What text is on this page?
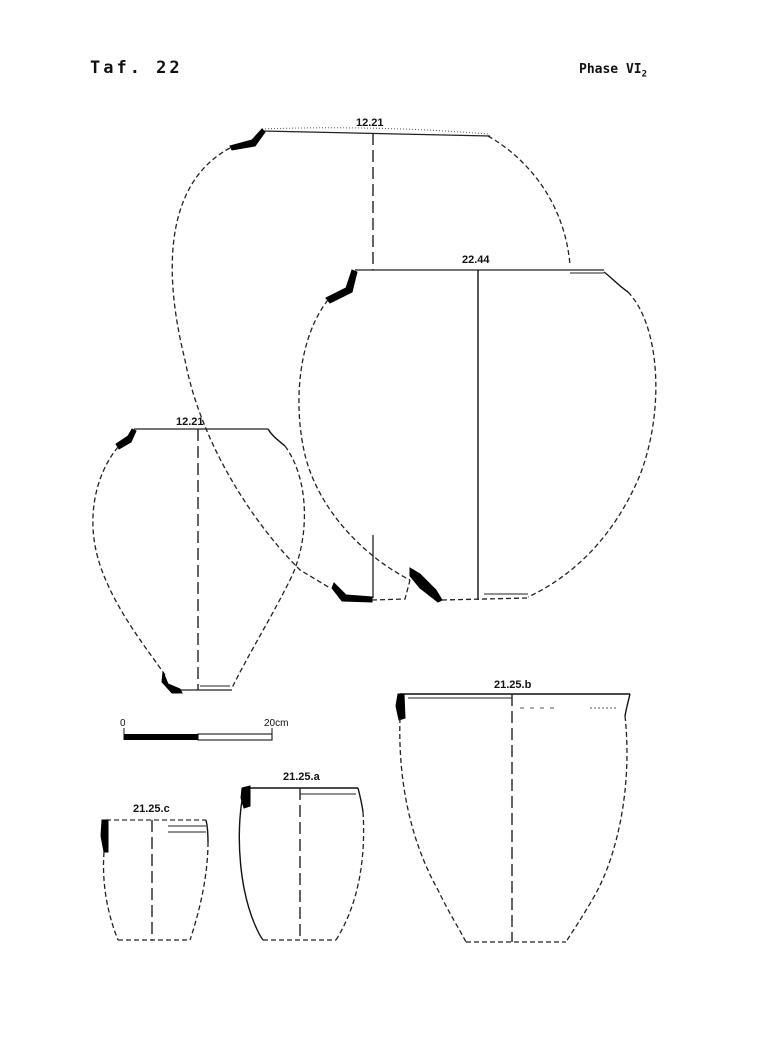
Taf. 22	Phase $VI_2$
12.21
22.44
12.21
0	20cm
21.25.b
21.25.a
21.25.c
